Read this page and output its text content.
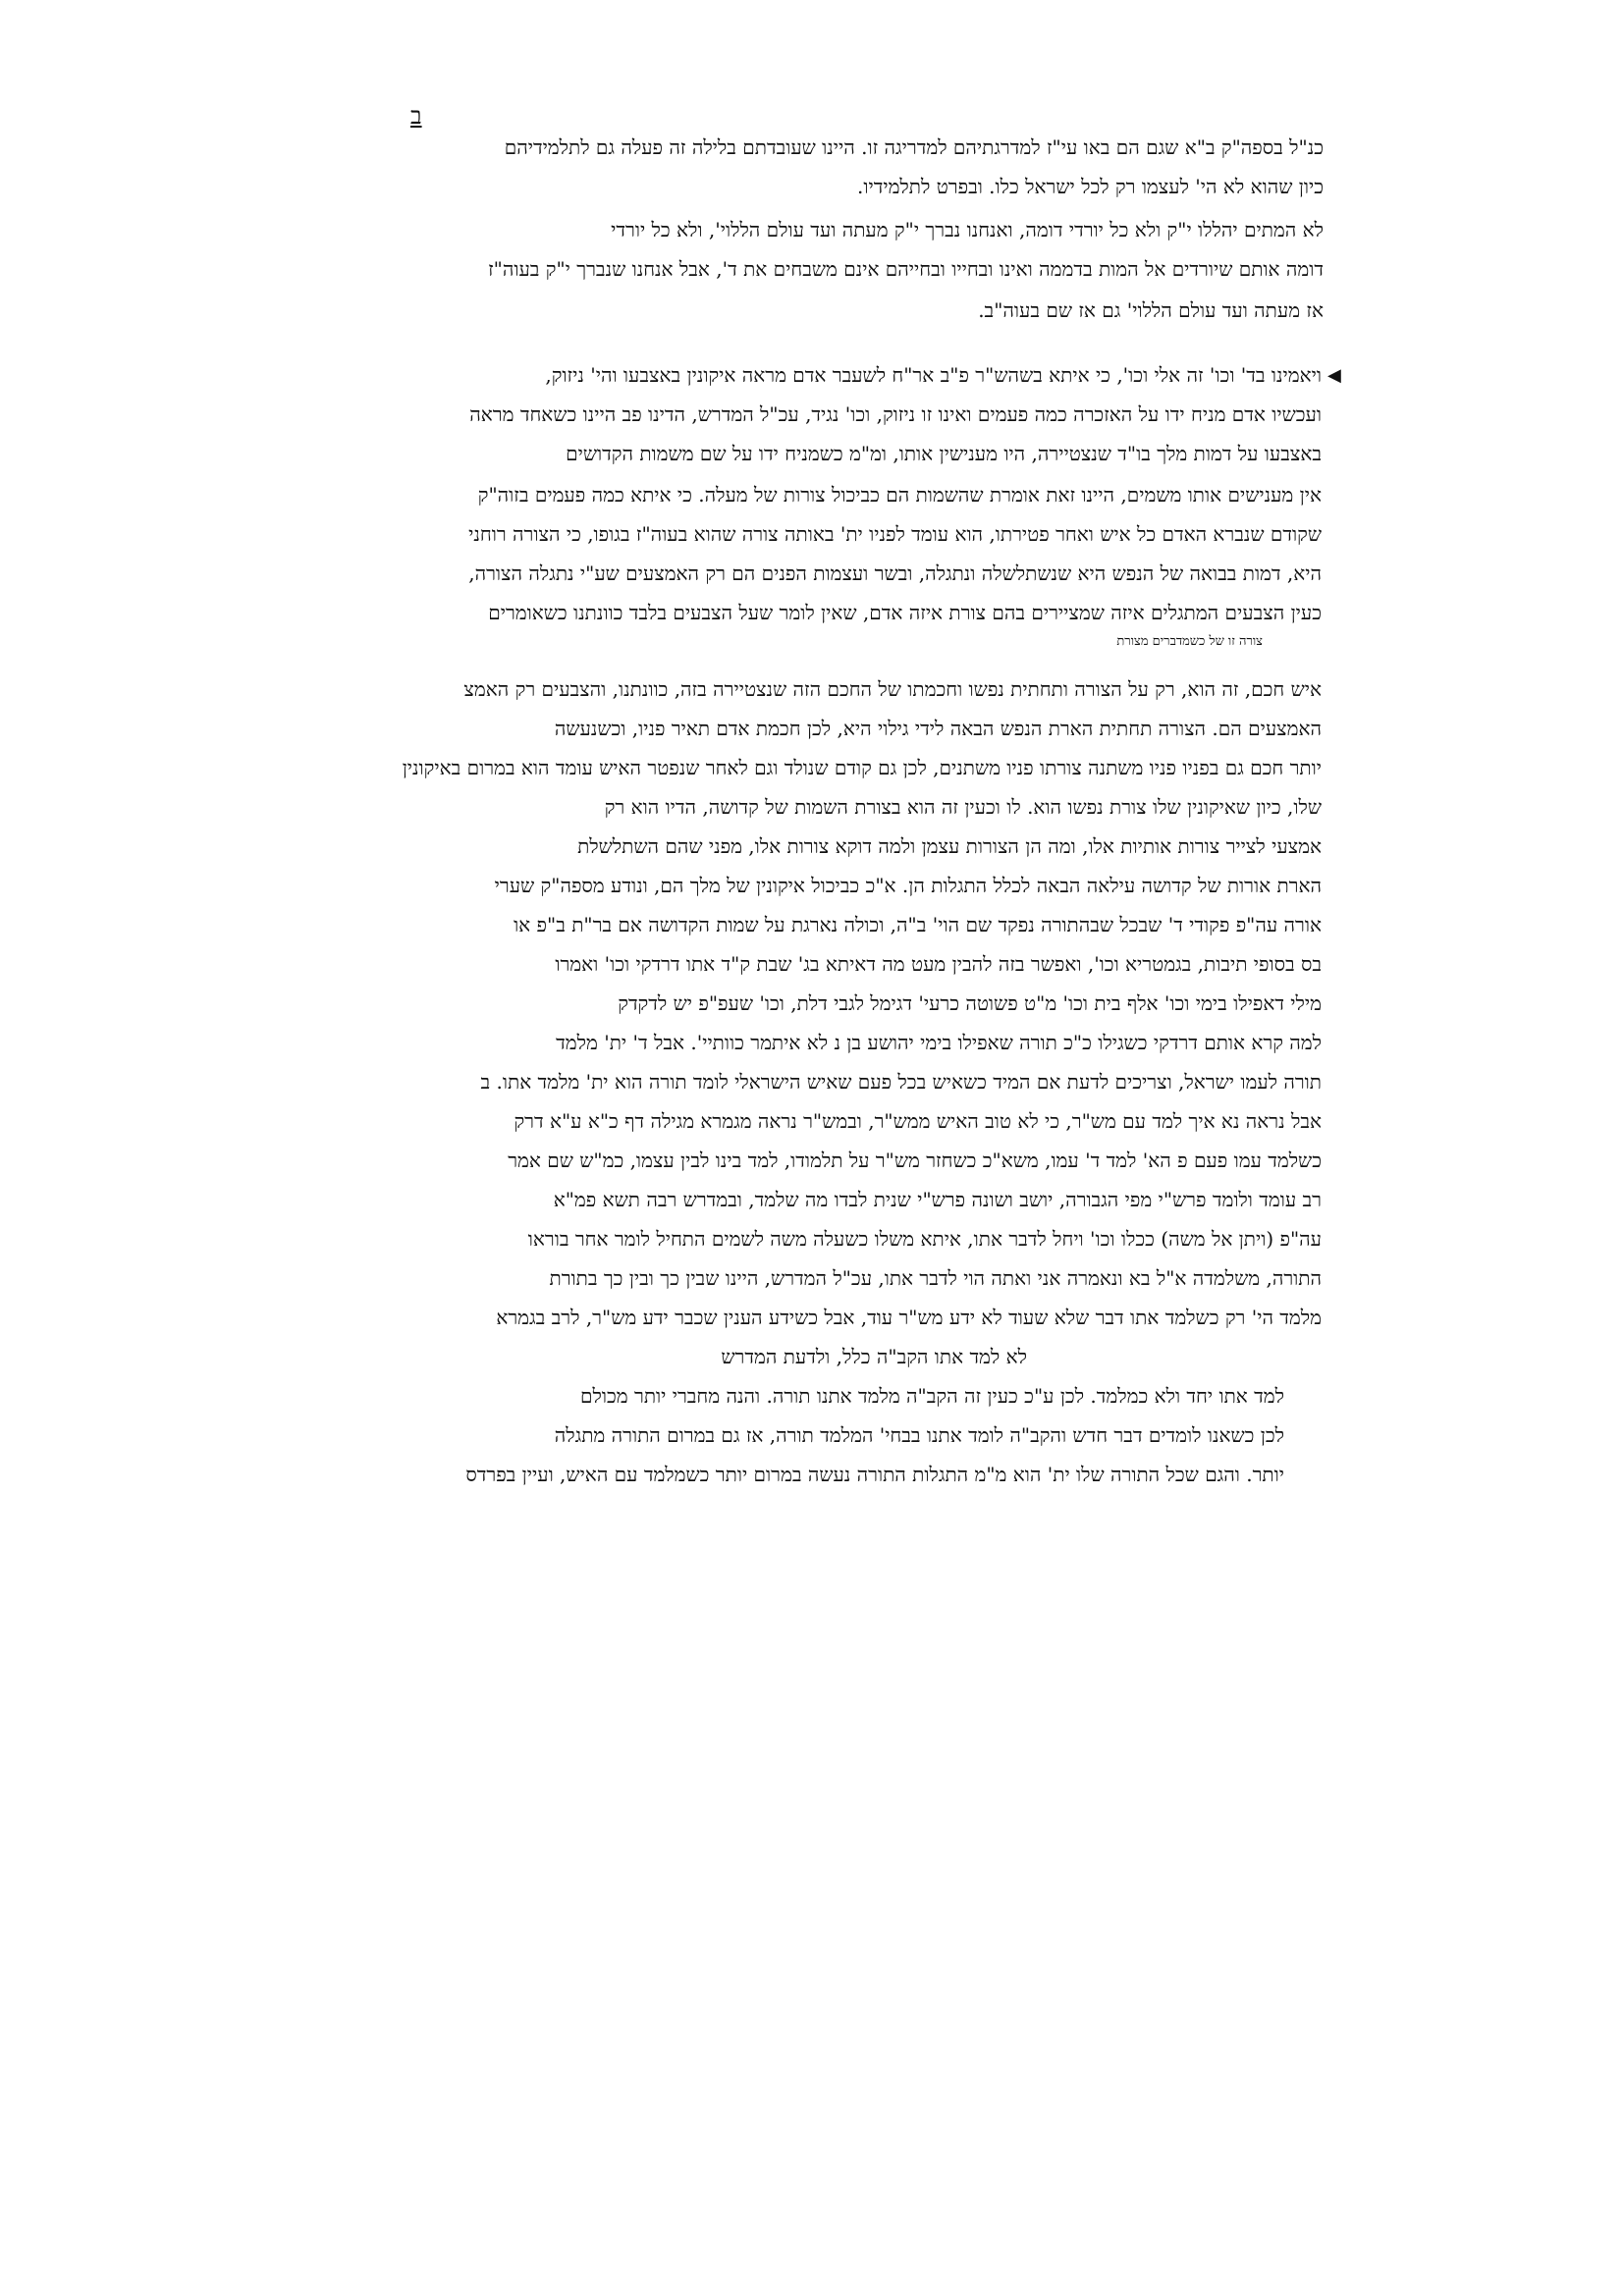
ב
כנ"ל בספה"ק ב"א שגם הם באו עי"ז למדרגתיהם למדריגה זו. היינו שעובדתם בלילה זה פעלה גם לתלמידיהם
כיון שהוא לא הי' לעצמו רק לכל ישראל כלו. ובפרט לתלמידיו.
לא המתים יהללו י"ק ולא כל יורדי דומה, ואנחנו נברך י"ק מעתה ועד עולם הללוי', ולא כל יורדי
דומה אותם שיורדים אל המות בדממה ואינו ובחייו ובחייהם אינם משבחים את ד', אבל אנחנו שנברך י"ק בעוה"ז
אז מעתה ועד עולם הללוי' גם אז שם בעוה"ב.
◀
ויאמינו בד' וכו' זה אלי וכו', כי איתא בשהש"ר פ"ב אר"ח לשעבר אדם מראה איקונין באצבעו והי' ניזוק,
ועכשיו אדם מניח ידו על האזכרה כמה פעמים ואינו זו ניזוק, וכו' נגיד, עכ"ל המדרש, הדינו פב היינו כשאחד מראה
באצבעו על דמות מלך בו"ד שנצטיירה, היו מענישין אותו, ומ"מ כשמניח ידו על שם משמות הקדושים
אין מענישים אותו משמים, היינו זאת אומרת שהשמות הם כביכול צורות של מעלה. כי איתא כמה פעמים בזוה"ק
שקודם שנברא האדם כל איש ואחר פטירתו, הוא עומד לפניו ית' באותה צורה שהוא בעוה"ז בגופו, כי הצורה רוחני
היא, דמות בבואה של הנפש היא שנשתלשלה ונתגלה, ובשר ועצמות הפנים הם רק האמצעים שע"י נתגלה הצורה,
כעין הצבעים המתגלים איזה שמציירים בהם צורת איזה אדם, שאין לומר שעל הצבעים בלבד כוונתנו כשאומרים
צורה זו של כשמדברים מצורת
איש חכם, זה הוא, רק על הצורה ותחתית נפשו וחכמתו של החכם הזה שנצטיירה בזה, כוונתנו, והצבעים רק האמצ
האמצעים הם. הצורה תחתית הארת הנפש הבאה לידי גילוי היא, לכן חכמת אדם תאיר פניו, וכשנעשה
יותר חכם גם בפניו פניו משתנה צורתו פניו משתנים, לכן גם קודם שנולד וגם לאחר שנפטר האיש עומד הוא במרום באיקונין
שלו, כיון שאיקונין שלו צורת נפשו הוא. לו וכעין זה הוא בצורת השמות של קדושה, הדיו הוא רק
אמצעי לצייר צורות אותיות אלו, ומה הן הצורות עצמן ולמה דוקא צורות אלו, מפני שהם השתלשלת
הארת אורות של קדושה עילאה הבאה לכלל התגלות הן. א"כ כביכול איקונין של מלך הם, ונודע מספה"ק שערי
אורה עה"פ פקודי ד' שבכל שבהתורה נפקד שם הוי' ב"ה, וכולה נארגת על שמות הקדושה אם בר"ת ב"פ או
בס בסופי תיבות, בגמטריא וכו', ואפשר בזה להבין מעט מה דאיתא בג' שבת ק"ד אתו דרדקי וכו' ואמרו
מילי דאפילו בימי וכו' אלף בית וכו' מ"ט פשוטה כרעי' דגימל לגבי דלת, וכו' שעפ"פ יש לדקדק
למה קרא אותם דרדקי כשגילו כ"כ תורה שאפילו בימי יהושע בן נ לא איתמר כוותיי'. אבל ד' ית' מלמד
תורה לעמו ישראל, וצריכים לדעת אם המיד כשאיש בכל פעם שאיש הישראלי לומד תורה הוא ית' מלמד אתו. ב
אבל נראה נא איך למד עם מש"ר, כי לא טוב האיש ממש"ר, ובמש"ר נראה מגמרא מגילה דף כ"א ע"א דרק
כשלמד עמו פעם פ הא' למד ד' עמו, משא"כ כשחזר מש"ר על תלמודו, למד בינו לבין עצמו, כמ"ש שם אמר
רב עומד ולומד פרש"י מפי הגבורה, יושב ושונה פרש"י שנית לבדו מה שלמד, ובמדרש רבה תשא פמ"א
עה"פ (ויתן אל משה) ככלו וכו' ויחל לדבר אתו, איתא משלו כשעלה משה לשמים התחיל לומר אחר בוראו
התורה, משלמדה א"ל בא ונאמרה אני ואתה הוי לדבר אתו, עכ"ל המדרש, היינו שבין כך ובין כך בתורת
מלמד הי' רק כשלמד אתו דבר שלא שעוד לא ידע מש"ר עוד, אבל כשידע הענין שכבר ידע מש"ר, לרב בגמרא
לא למד אתו הקב"ה כלל, ולדעת המדרש
למד אתו יחד ולא כמלמד. לכן ע"כ כעין זה הקב"ה מלמד אתנו תורה. והנה מחברי יותר מכולם
לכן כשאנו לומדים דבר חדש והקב"ה לומד אתנו בבחי' המלמד תורה, אז גם במרום התורה מתגלה
יותר. והגם שכל התורה שלו ית' הוא מ"מ התגלות התורה נעשה במרום יותר כשמלמד עם האיש, ועיין בפרדס
